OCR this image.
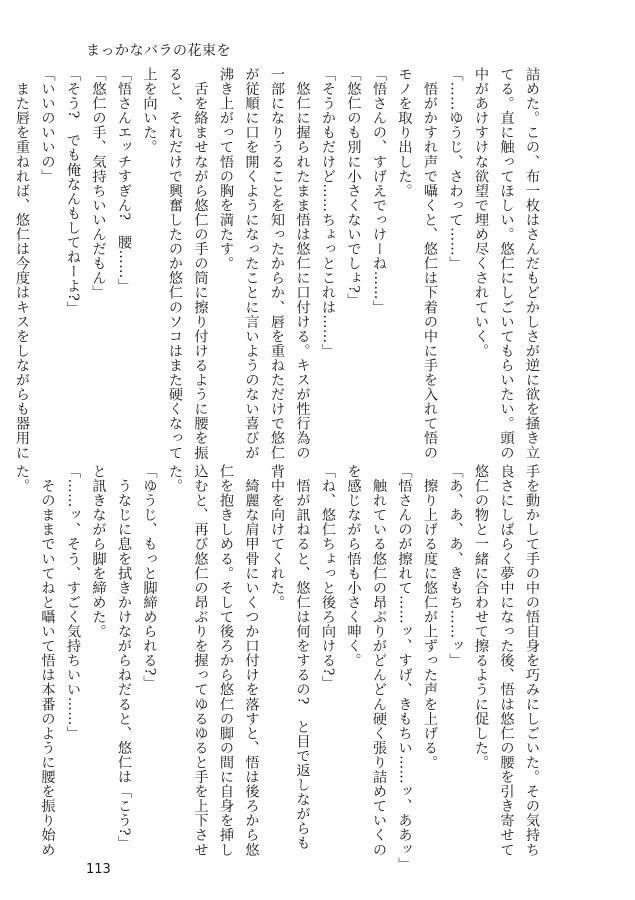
まっかなバラの花束を

詰めた。この、布一枚はさんだもどかしさが逆に欲を掻き立

てる。直に触ってほしい。悠仁にしごいてもらいたい。頭の

中があけすけな欲望で埋め尽くされていく。

「……ゆうじ、さわって……」

　悟がかすれ声で囁くと、悠仁は下着の中に手を入れて悟の

モノを取り出した。

「悟さんの、すげえでっけーね……」

「悠仁のも別に小さくないでしょ?」

「そうかもだけど……ちょっとこれは……」

　悠仁に握られたまま悟は悠仁に口付ける。キスが性行為の

一部になりうることを知ったからか、唇を重ねただけで悠仁

が従順に口を開くようになったことに言いようのない喜びが

沸き上がって悟の胸を満たす。

　舌を絡ませながら悠仁の手の筒に擦り付けるように腰を振

ると、それだけで興奮したのか悠仁のソコはまた硬くなって

上を向いた。

「悟さんエッチすぎん?　腰……」

「悠仁の手、気持ちいいんだもん」

「そう?　でも俺なんもしてねーよ?」

「いいのいいの」

　また唇を重ねれば、悠仁は今度はキスをしながらも器用に

手を動かして手の中の悟自身を巧みにしごいた。その気持ち

良さにしばらく夢中になった後、悟は悠仁の腰を引き寄せて

悠仁の物と一緒に合わせて擦るように促した。

「あ、あ、あ、きもち……ッ」

　擦り上げる度に悠仁が上ずった声を上げる。

「悟さんのが擦れて……ッ、すげ、きもちい……ッ、ああッ」

　触れている悠仁の昂ぶりがどんどん硬く張り詰めていくの

を感じながら悟も小さく呻く。

「ね、悠仁ちょっと後ろ向ける?」

　悟が訊ねると、悠仁は何をするの?　と目で返しながらも

背中を向けてくれた。

　綺麗な肩甲骨にいくつか口付けを落すと、悟は後ろから悠

仁を抱きしめる。そして後ろから悠仁の脚の間に自身を挿し

込むと、再び悠仁の昂ぶりを握ってゆるゆると手を上下させ

た。

「ゆうじ、もっと脚締められる?」

　うなじに息を拭きかけながらねだると、悠仁は「こう?」

と訊きながら脚を締めた。

「……ッ、そう、すごく気持ちいい……」

　そのままでいてねと囁いて悟は本番のように腰を振り始め

た。

113
